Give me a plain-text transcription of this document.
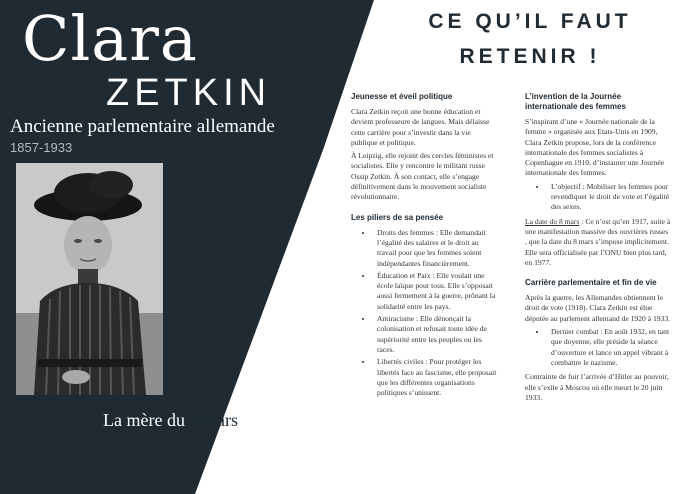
Clara
ZETKIN
Ancienne parlementaire allemande
1857-1933
La mère du 8 mars
CE QU’IL FAUT
RETENIR !
Jeunesse et éveil politique

Clara Zetkin reçoit une bonne éducation et devient professeure de langues. Mais délaisse cette carrière pour s’investir dans la vie publique et politique.

À Leipzig, elle rejoint des cercles féministes et socialistes. Elle y rencontre le militant russe Ossip Zetkin. À son contact, elle s’engage définitivement dans le mouvement socialiste révolutionnaire.

Les piliers de sa pensée
• Droits des femmes : Elle demandait l’égalité des salaires et le droit au travail pour que les femmes soient indépendantes financièrement.
• Éducation et Paix : Elle voulait une école laïque pour tous. Elle s’opposait aussi fermement à la guerre, prônant la solidarité entre les pays.
• Antiracisme : Elle dénonçait la colonisation et refusait toute idée de supériorité entre les peuples ou les races.
• Libertés civiles : Pour protéger les libertés face au fascisme, elle proposait que les différentes organisations politiques s’unissent.
L’invention de la Journée internationale des femmes

S’inspirant d’une « Journée nationale de la femme » organisée aux Etats-Unis en 1909, Clara Zetkin propose, lors de la conférence internationale des femmes socialistes à Copenhague en 1910, d’instaurer une Journée internationale des femmes.

• L’objectif : Mobiliser les femmes pour revendiquer le droit de vote et l’égalité des sexes.

La date du 8 mars : Ce n’est qu’en 1917, suite à une manifestation massive des ouvrières russes , que la date du 8 mars s’impose implicitement. Elle sera officialisée par l’ONU bien plus tard, en 1977.

Carrière parlementaire et fin de vie

Après la guerre, les Allemandes obtiennent le droit de vote (1918). Clara Zetkin est élue députée au parlement allemand de 1920 à 1933.

• Dernier combat : En août 1932, en tant que doyenne, elle préside la séance d’ouverture et lance un appel vibrant à combattre le nazisme.

Contrainte de fuir l’arrivée d’Hitler au pouvoir, elle s’exile à Moscou où elle meurt le 20 juin 1933.
